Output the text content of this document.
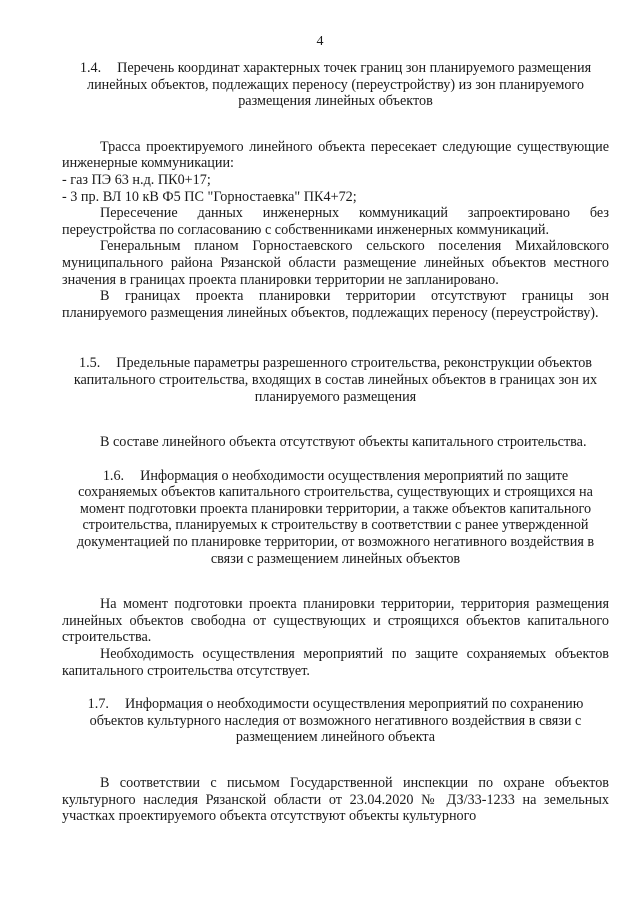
4

1.4. Перечень координат характерных точек границ зон планируемого размещения линейных объектов, подлежащих переносу (переустройству) из зон планируемого размещения линейных объектов

Трасса проектируемого линейного объекта пересекает следующие существующие инженерные коммуникации:

- газ ПЭ 63 н.д. ПК0+17;

- 3 пр. ВЛ 10 кВ Ф5 ПС "Горностаевка" ПК4+72;

Пересечение данных инженерных коммуникаций запроектировано без переустройства по согласованию с собственниками инженерных коммуникаций.

Генеральным планом Горностаевского сельского поселения Михайловского муниципального района Рязанской области размещение линейных объектов местного значения в границах проекта планировки территории не запланировано.

В границах проекта планировки территории отсутствуют границы зон планируемого размещения линейных объектов, подлежащих переносу (переустройству).

1.5. Предельные параметры разрешенного строительства, реконструкции объектов капитального строительства, входящих в состав линейных объектов в границах зон их планируемого размещения

В составе линейного объекта отсутствуют объекты капитального строительства.

1.6. Информация о необходимости осуществления мероприятий по защите сохраняемых объектов капитального строительства, существующих и строящихся на момент подготовки проекта планировки территории, а также объектов капитального строительства, планируемых к строительству в соответствии с ранее утвержденной документацией по планировке территории, от возможного негативного воздействия в связи с размещением линейных объектов

На момент подготовки проекта планировки территории, территория размещения линейных объектов свободна от существующих и строящихся объектов капитального строительства.

Необходимость осуществления мероприятий по защите сохраняемых объектов капитального строительства отсутствует.

1.7. Информация о необходимости осуществления мероприятий по сохранению объектов культурного наследия от возможного негативного воздействия в связи с размещением линейного объекта

В соответствии с письмом Государственной инспекции по охране объектов культурного наследия Рязанской области от 23.04.2020 № ДЗ/33-1233 на земельных участках проектируемого объекта отсутствуют объекты культурного
